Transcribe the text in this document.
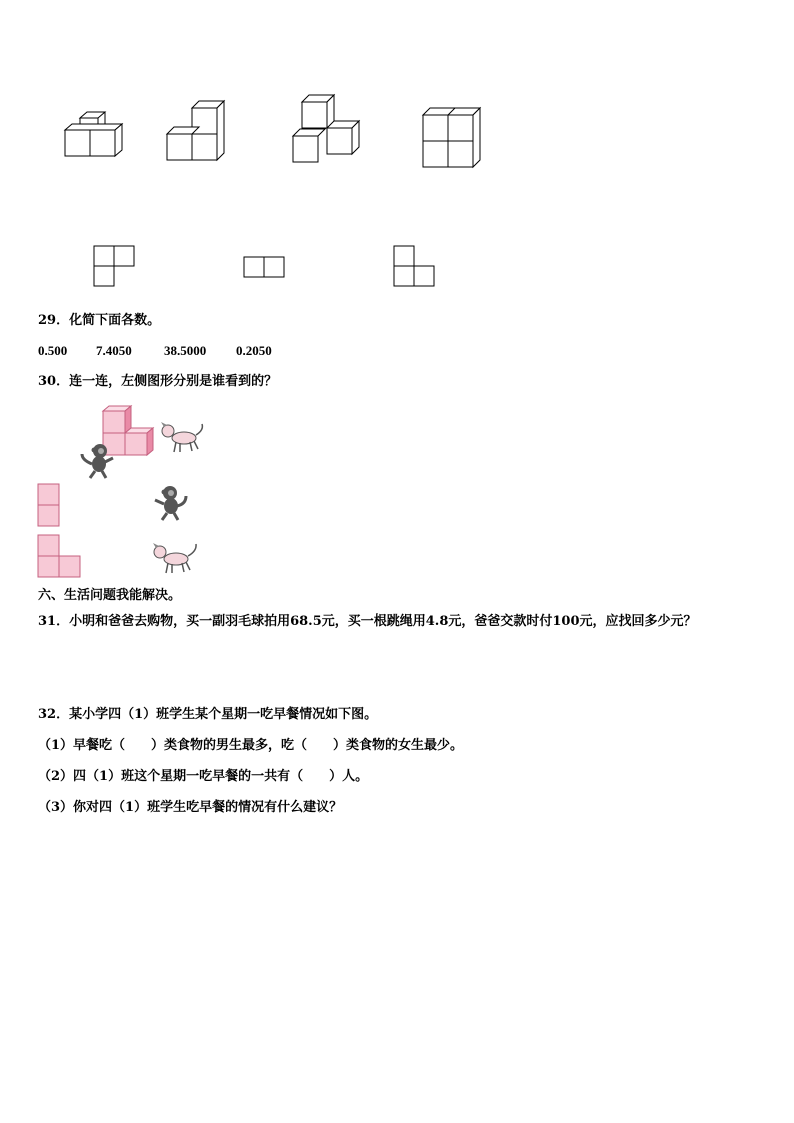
29．化简下面各数。
0.500 7.4050 38.5000 0.2050
30．连一连，左侧图形分别是谁看到的？
六、生活问题我能解决。
31．小明和爸爸去购物，买一副羽毛球拍用68.5元，买一根跳绳用4.8元，爸爸交款时付100元，应找回多少元？
32．某小学四（1）班学生某个星期一吃早餐情况如下图。
（1）早餐吃（　　）类食物的男生最多，吃（　　）类食物的女生最少。
（2）四（1）班这个星期一吃早餐的一共有（　　）人。
（3）你对四（1）班学生吃早餐的情况有什么建议？
